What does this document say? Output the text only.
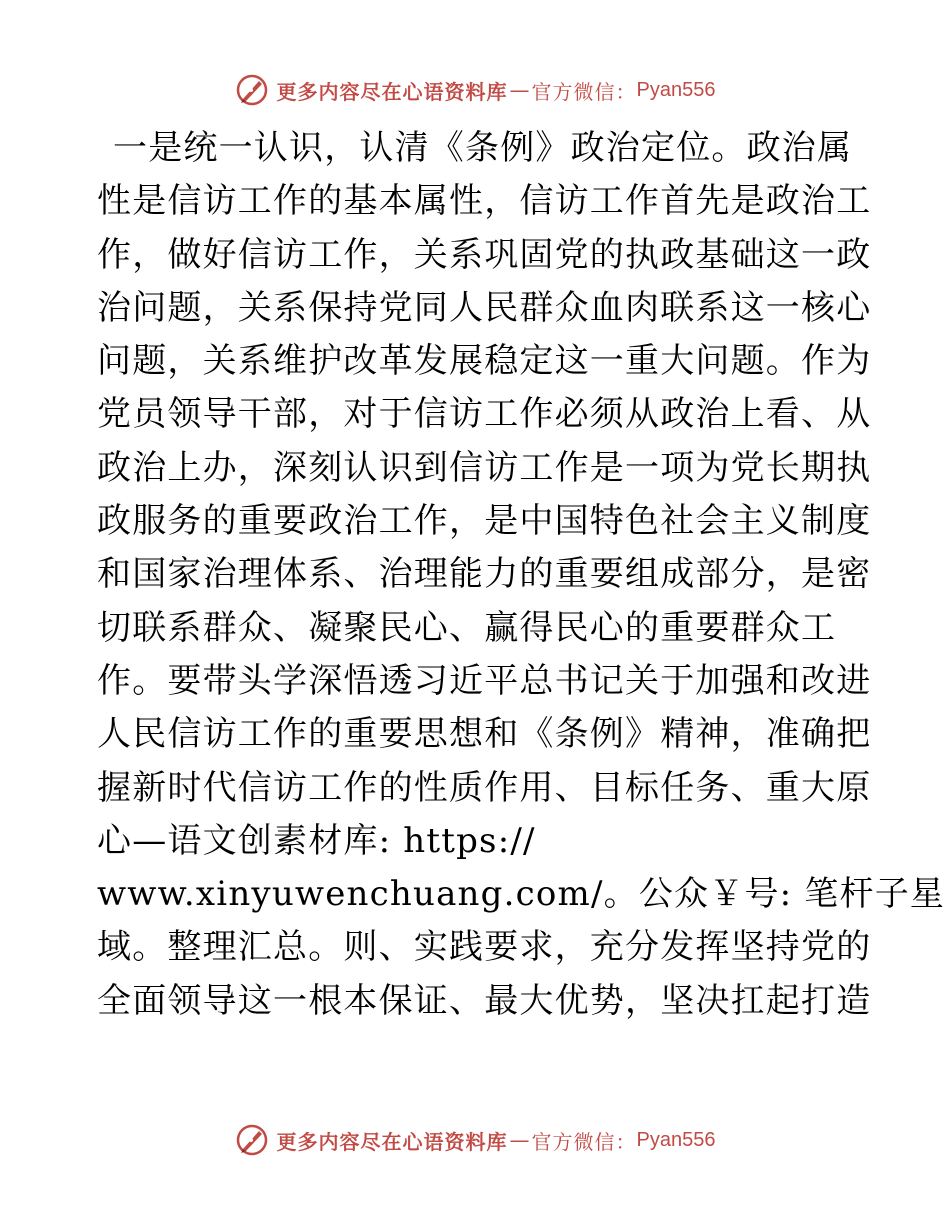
更多内容尽在心语资料库 — 官方微信： Pyan556
一是统一认识，认清《条例》政治定位。政治属
性是信访工作的基本属性，信访工作首先是政治工
作，做好信访工作，关系巩固党的执政基础这一政
治问题，关系保持党同人民群众血肉联系这一核心
问题，关系维护改革发展稳定这一重大问题。作为
党员领导干部，对于信访工作必须从政治上看、从
政治上办，深刻认识到信访工作是一项为党长期执
政服务的重要政治工作，是中国特色社会主义制度
和国家治理体系、治理能力的重要组成部分，是密
切联系群众、凝聚民心、赢得民心的重要群众工
作。要带头学深悟透习近平总书记关于加强和改进
人民信访工作的重要思想和《条例》精神，准确把
握新时代信访工作的性质作用、目标任务、重大原
心—语文创素材库: https://
www.xinyuwenchuang.com/。公众￥号: 笔杆子星
域。整理汇总。则、实践要求，充分发挥坚持党的
全面领导这一根本保证、最大优势，坚决扛起打造
更多内容尽在心语资料库 — 官方微信： Pyan556
